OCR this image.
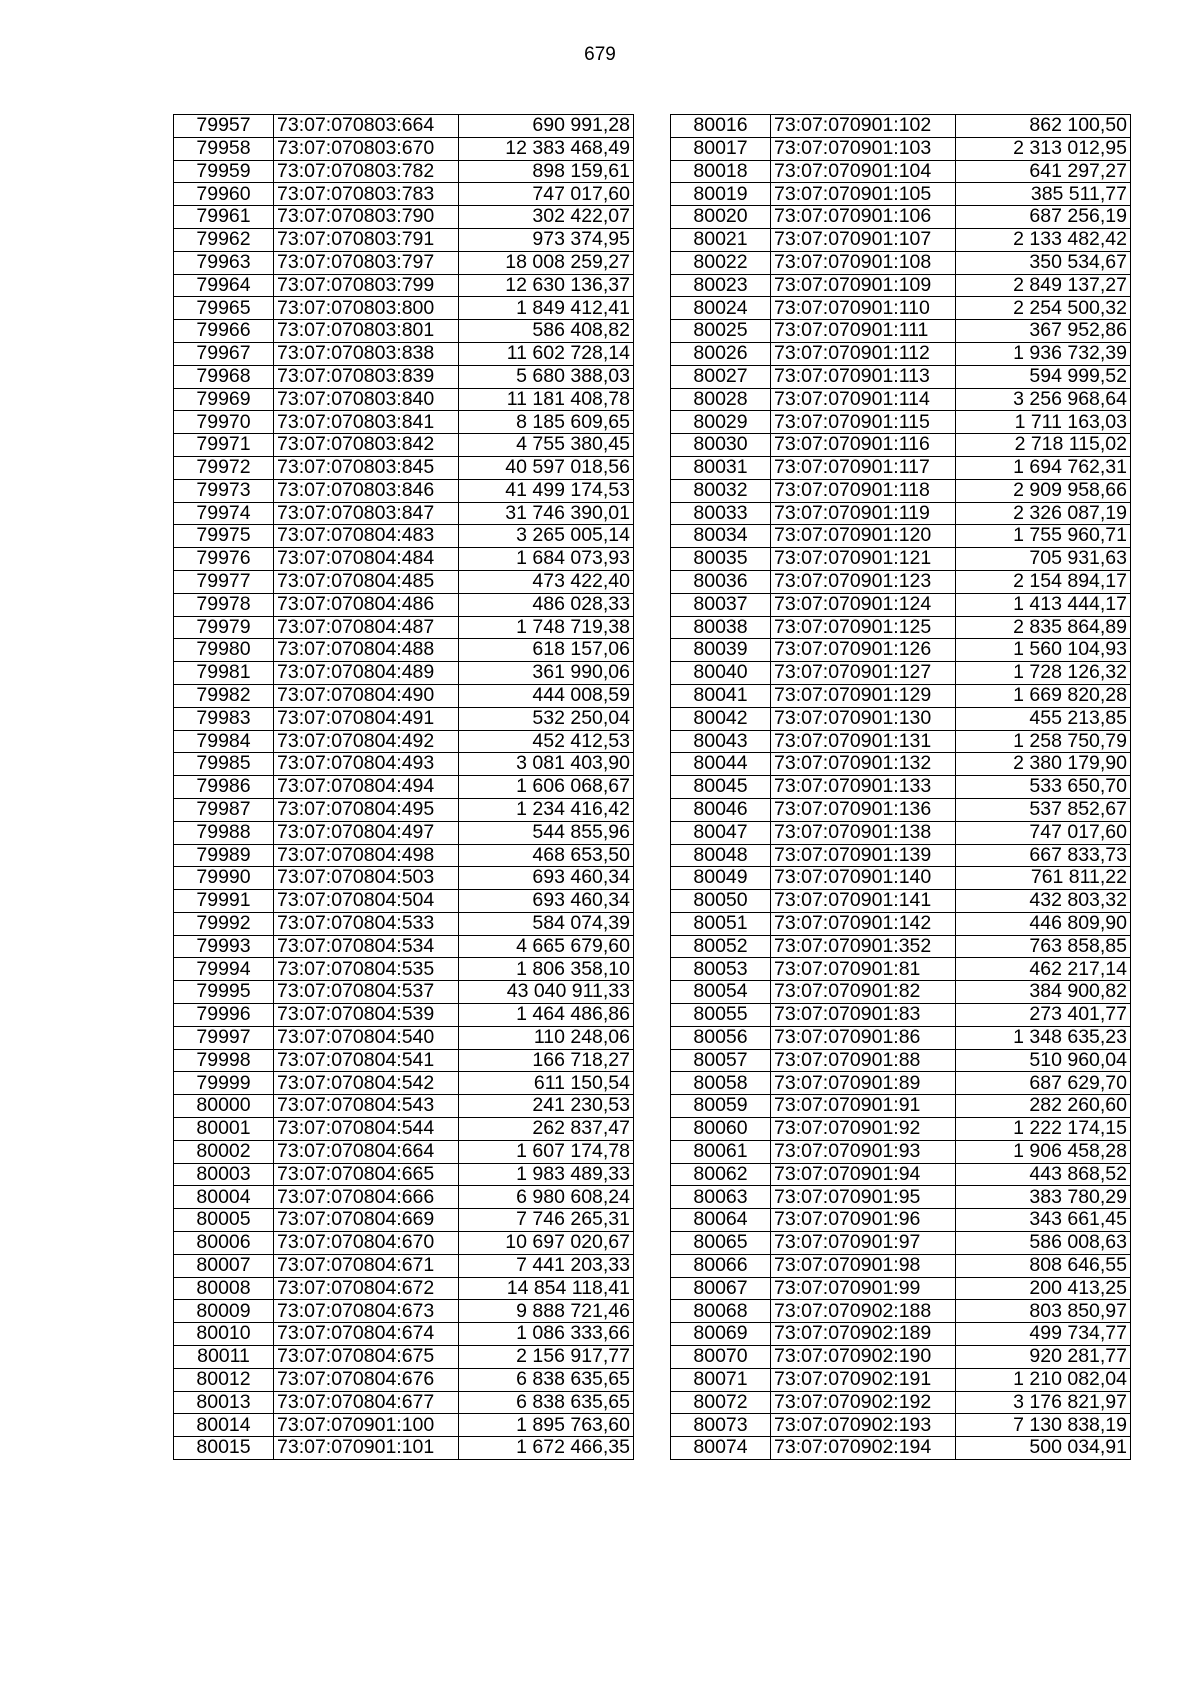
679
79957	73:07:070803:664	690 991,28
79958	73:07:070803:670	12 383 468,49
79959	73:07:070803:782	898 159,61
79960	73:07:070803:783	747 017,60
79961	73:07:070803:790	302 422,07
79962	73:07:070803:791	973 374,95
79963	73:07:070803:797	18 008 259,27
79964	73:07:070803:799	12 630 136,37
79965	73:07:070803:800	1 849 412,41
79966	73:07:070803:801	586 408,82
79967	73:07:070803:838	11 602 728,14
79968	73:07:070803:839	5 680 388,03
79969	73:07:070803:840	11 181 408,78
79970	73:07:070803:841	8 185 609,65
79971	73:07:070803:842	4 755 380,45
79972	73:07:070803:845	40 597 018,56
79973	73:07:070803:846	41 499 174,53
79974	73:07:070803:847	31 746 390,01
79975	73:07:070804:483	3 265 005,14
79976	73:07:070804:484	1 684 073,93
79977	73:07:070804:485	473 422,40
79978	73:07:070804:486	486 028,33
79979	73:07:070804:487	1 748 719,38
79980	73:07:070804:488	618 157,06
79981	73:07:070804:489	361 990,06
79982	73:07:070804:490	444 008,59
79983	73:07:070804:491	532 250,04
79984	73:07:070804:492	452 412,53
79985	73:07:070804:493	3 081 403,90
79986	73:07:070804:494	1 606 068,67
79987	73:07:070804:495	1 234 416,42
79988	73:07:070804:497	544 855,96
79989	73:07:070804:498	468 653,50
79990	73:07:070804:503	693 460,34
79991	73:07:070804:504	693 460,34
79992	73:07:070804:533	584 074,39
79993	73:07:070804:534	4 665 679,60
79994	73:07:070804:535	1 806 358,10
79995	73:07:070804:537	43 040 911,33
79996	73:07:070804:539	1 464 486,86
79997	73:07:070804:540	110 248,06
79998	73:07:070804:541	166 718,27
79999	73:07:070804:542	611 150,54
80000	73:07:070804:543	241 230,53
80001	73:07:070804:544	262 837,47
80002	73:07:070804:664	1 607 174,78
80003	73:07:070804:665	1 983 489,33
80004	73:07:070804:666	6 980 608,24
80005	73:07:070804:669	7 746 265,31
80006	73:07:070804:670	10 697 020,67
80007	73:07:070804:671	7 441 203,33
80008	73:07:070804:672	14 854 118,41
80009	73:07:070804:673	9 888 721,46
80010	73:07:070804:674	1 086 333,66
80011	73:07:070804:675	2 156 917,77
80012	73:07:070804:676	6 838 635,65
80013	73:07:070804:677	6 838 635,65
80014	73:07:070901:100	1 895 763,60
80015	73:07:070901:101	1 672 466,35
80016	73:07:070901:102	862 100,50
80017	73:07:070901:103	2 313 012,95
80018	73:07:070901:104	641 297,27
80019	73:07:070901:105	385 511,77
80020	73:07:070901:106	687 256,19
80021	73:07:070901:107	2 133 482,42
80022	73:07:070901:108	350 534,67
80023	73:07:070901:109	2 849 137,27
80024	73:07:070901:110	2 254 500,32
80025	73:07:070901:111	367 952,86
80026	73:07:070901:112	1 936 732,39
80027	73:07:070901:113	594 999,52
80028	73:07:070901:114	3 256 968,64
80029	73:07:070901:115	1 711 163,03
80030	73:07:070901:116	2 718 115,02
80031	73:07:070901:117	1 694 762,31
80032	73:07:070901:118	2 909 958,66
80033	73:07:070901:119	2 326 087,19
80034	73:07:070901:120	1 755 960,71
80035	73:07:070901:121	705 931,63
80036	73:07:070901:123	2 154 894,17
80037	73:07:070901:124	1 413 444,17
80038	73:07:070901:125	2 835 864,89
80039	73:07:070901:126	1 560 104,93
80040	73:07:070901:127	1 728 126,32
80041	73:07:070901:129	1 669 820,28
80042	73:07:070901:130	455 213,85
80043	73:07:070901:131	1 258 750,79
80044	73:07:070901:132	2 380 179,90
80045	73:07:070901:133	533 650,70
80046	73:07:070901:136	537 852,67
80047	73:07:070901:138	747 017,60
80048	73:07:070901:139	667 833,73
80049	73:07:070901:140	761 811,22
80050	73:07:070901:141	432 803,32
80051	73:07:070901:142	446 809,90
80052	73:07:070901:352	763 858,85
80053	73:07:070901:81	462 217,14
80054	73:07:070901:82	384 900,82
80055	73:07:070901:83	273 401,77
80056	73:07:070901:86	1 348 635,23
80057	73:07:070901:88	510 960,04
80058	73:07:070901:89	687 629,70
80059	73:07:070901:91	282 260,60
80060	73:07:070901:92	1 222 174,15
80061	73:07:070901:93	1 906 458,28
80062	73:07:070901:94	443 868,52
80063	73:07:070901:95	383 780,29
80064	73:07:070901:96	343 661,45
80065	73:07:070901:97	586 008,63
80066	73:07:070901:98	808 646,55
80067	73:07:070901:99	200 413,25
80068	73:07:070902:188	803 850,97
80069	73:07:070902:189	499 734,77
80070	73:07:070902:190	920 281,77
80071	73:07:070902:191	1 210 082,04
80072	73:07:070902:192	3 176 821,97
80073	73:07:070902:193	7 130 838,19
80074	73:07:070902:194	500 034,91
